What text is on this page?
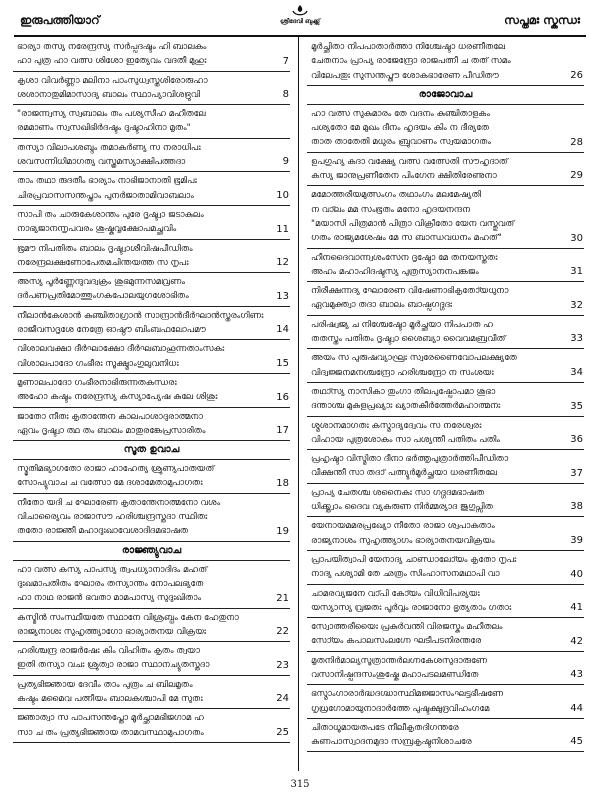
ഇരുപത്തിയാറ്	ശ്രീദേവി ബുക്ക്സ്	സപ്തമഃ സ്കന്ധഃ
ഭാര്യാ തസ്യ നരേന്ദ്രസ്യ സർപ്പദഷ്ടം ഹി ബാലകം
ഹാ പുത്ര ഹാ വത്സ ശിശോ ഇത്യേവം വദതീ മുഹുഃ	7
കൃശാ വിവർണ്ണാ മലിനാ പാംസുധ്വസ്തശിരോരുഹാ
ശശാനാതുമിമാസാദ്യ ബാലം സ്ഥാപ്യാവിശഭ്രുവി	8
"രാജന്ന്വസ്യ സ്വബാലം തം പശ്യസീഹ മഹീതലേ
രമമാണം സ്വസഖിഭിർദഷ്ടം ദുഷ്ടാഹിനാ മൃതം"
തസ്യാ വിലാപശബ്ദം തമാകർണ്യ സ നരാധിപഃ
ശവസന്നിധിമാഗത്യ വസ്ത്രമസ്യാക്ഷിപത്തദാ	9
താം തഥാ രുദതീം ഭാര്യാം നാഭിജാനാതി ഭൂമിപഃ
ചിരപ്രവാസസന്തപ്താം പുനർജാതാമിവാബലാം	10
സാപി തം ചാരുകേശാന്തം പുരേ ദൃഷ്ട്വാ ജടാകുലം
നാഭ്യജാനന്നൃപവരം ശുഷ്കവൃക്ഷോപമച്ഛവിം	11
ഭൂമൗ നിപതിതം ബാലം ദൃഷ്ട്വാശീവിഷപീഡിതം
നരേന്ദ്രലക്ഷണോപേതമചിന്തയത്ത സ നൃപഃ	12
അസ്യ പൂർണ്ണേന്ദുവദ്വക്രം ശുഭമുന്നസമവ്രണം
ദർപണപ്രതിമോത്തുംഗകപോലയുഗശോഭിതം	13
നീലാൻകേശാൻ കുഞ്ചിതാഗ്രാൻ സാന്ദ്രാൻദീർഘാൻസ്തരംഗിണഃ
രാജീവസദൃശേ നേത്രേ ഓഷ്ഠൗ ബിംബഫലോപമൗ	14
വിശാലവക്ഷാ ദീർഘാക്ഷോ ദീർഘബാഹൂന്നതാംസകഃ
വിശാലപാദോ ഗംഭീരഃ സൂക്ഷ്മാംഗുലുവനിധഃ	15
മൃണാലപാദോ ഗംഭീരനാഭിരുന്നതകന്ധരഃ
അഹോ കഷ്ടം നരേന്ദ്രസ്യ കസ്യാപ്യേഷ കുലേ ശിശുഃ	16
ജാതോ നീതഃ കൃതാന്തേന കാലപാശാദുരാത്മനാ
ഏവം ദൃഷ്ട്വാ ത്ഥ തം ബാലം മാതുരങ്കേപ്രസാരിതം	17
സൂത ഉവാച
സ്മൃതിമഭ്യാഗതോ രാജാ ഹാഹേത്യ ശ്രുണ്യപാതയത്
സോപ്യുവാച ച വത്സോ മേ ദശാമേതാമുപാഗതഃ	18
നീതോ യദി ച ഘോരേണ കൃതാന്തേനാത്മനോ വശം
വിചാര്യൈവം രാജാസൗ ഹരിശ്ചന്ദ്രസ്തദാ സ്ഥിതഃ
തതോ രാജ്ഞീ മഹാദുഃഖാവേശാദിദമഭാഷത	19
രാജ്ഞ്യുവാച
ഹാ വത്സ കസ്യ പാപസ്യ ത്വപധ്യാനാദിദം മഹത്
ദുഃഖമാപതിതം ഘോരം തസ്യാന്തം നോപലഭ്യതേ
ഹാ നാഥ രാജൻ ഭവതാ മാമപാസ്യ സുദുഃഖിതാം	21
കസ്മിൻ സംസ്ഥീയതേ സ്ഥാനേ വിശ്രബ്ധം കേന ഹേതുനാ
രാജ്യനാശഃ സുഹൃത്ത്യാഗോ ഭാര്യാതനയ വിക്രയഃ	22
ഹരിശ്ചന്ദ്ര രാജർഷേഃ കിം വിഹിതം കൃതം ത്വയാ
ഇതി തസ്യാ വചഃ ശ്രുത്വാ രാജാ സ്ഥാനച്യുതസ്തദാ	23
പ്രത്യഭിജ്ഞായ ദേവീം താം പുത്രം ച ബിലമൃതം
കഷ്ടം മമൈവ പത്നീയം ബാലകശ്ചാപി മേ സുതഃ	24
ജ്ഞാത്വാ സ പാപസന്തപ്തോ മൂർച്ഛാമഭിജഗാമ ഹ
സാ ച തം പ്രത്യഭിജ്ഞായ താമവസ്ഥാമുപാഗതം	25
മൂർച്ഛിതാ നിപപാതാർത്താ നിശ്ചേഷ്ടാ ധരണീതലേ
ചേതനാം പ്രാപ്യ രാജേന്ദ്രോ രാജപത്നീ ച തത് സമം
വിലേപതുഃ സുസന്തപ്തൗ ശോകഭാരേണ പീഡിതൗ	26
രാജോവാച
ഹാ വത്സ സുകുമാരം തേ വദനം കുഞ്ചിതാളകം
പശ്യതോ മേ മുഖം ദീനം ഹൃദയം കിം ന ദീര്യതേ
താത താതേതി മധുരം ബ്രുവാണം സ്വയമാഗതം	28
ഉപഗുഹ്യ കദാ വക്ഷ്യേ വത്സ വത്സേതി സൗഹൃദാത്
കസ്യ ജാനുപ്രണീതേന പിംഗേന ക്ഷിതിരേണുനാ	29
മമോത്തരീയമുത്സംഗം തഥാംഗം മലമേഷ്യതി
ന വാ്ലം മമ സംഭൂതം മനോ ഹൃദയനന്ദന
"മയാസി പിത്രമാൻ പിത്രാ വിക്രീതോ യേന വസ്തുവത്
ഗതം രാജ്യമശേഷം മേ സ ബാന്ധവധനം മഹത്"	30
ഹീനദൈവാന്ന്വശംസേന ദൃഷ്ടോ മേ തനയസ്തതഃ
അഹം മഹാഹിദഷ്ടസ്യ പുത്രസ്യാനനപങ്കജം	31
നിരീക്ഷന്നദ്യ ഘോരേണ വിഷേണാഭികൃതോ്യധുനാ
ഏവമുക്ത്വാ തദാ ബാലം ബാഷ്പഗദ്ഗദഃ	32
പരിഷ്വജ്യ ച നിശ്ചേഷ്ടോ മൂർച്ഛയാ നിപപാത ഹ
തതസ്തം പതിതം ദൃഷ്ട്വാ ശൈബ്യാ വൈവമബ്രവീത്	33
അയം സ പുരുഷവ്യാഘ്രഃ സ്വരേണൈവോപലക്ഷ്യതേ
വിദ്വജ്ജനമനശ്ചന്ദ്രോ ഹരിശ്ചന്ദ്രോ ന സംശയഃ	34
തഥാ്സ്യ നാസികാ തുംഗാ തിലപുഷ്പോപമാ ശുഭാ
ദന്താശ്ച മുകുളപ്രഖ്യാഃ ഖ്യാതകീർത്തേർമഹാത്മനഃ	35
ശ്മശാനമാഗതഃ കസ്മാദ്യദ്വേവം സ നരേശ്വരഃ
വിഹായ പുത്രശോകം സാ പശ്യന്തീ പതിതം പതിം	36
പ്രഹൃഷ്ടാ വിസ്മിതാ ദീനാ ഭർത്തൃപുത്രാർത്തിപീഡിതാ
വീക്ഷന്തീ സാ തദാ് പത്ന്യുർമൂർച്ഛയാ ധരണീതലേ	37
പ്രാപ്യ ചേതശ്ച ശനൈകഃ സാ ഗദ്ഗദമഭാഷത
ധിക്ക്ത്വാം ദൈവ വ്യകരുണ നിർമ്മര്യാദ ജുഗുപ്സിത	38
യേനായമമരപ്രഖ്യോ നീതോ രാജാ ശ്വപാകതാം
രാജ്യനാശം സുഹൃത്ത്യാഗം ഭാര്യാതനയവിക്രയം	39
പ്രാപയിത്വാപി യേനാദ്യ ചാണ്ഡാലോ്യം കൃതോ നൃപഃ
നാദ്യ പശ്യാമി തേ ഛത്രം സിംഹാസനമഥാപി വാ	40
ചാമരവ്യജനേ വാ്പി കോ്യം വിധിവിപര്യയഃ
യസ്യാസ്യ വ്രജതഃ പൂർവ്വം രാജാനോ ഭൃത്യതാം ഗതാഃ	41
സ്വോത്തരീയൈഃ പ്രകുർവന്തി വിരജസ്കം മഹീതലം
സോ്യം കപാലസംലഗ്നേ ഘടീപടനിരന്തരേ	42
മൃതനിർമാല്യസൂത്രാന്തർലഗ്നകേശസുദാരുണേ
വസാനിഷ്പന്ദസംശുഷ്കേ മഹാപടലമണ്ഡിതേ	43
ഭസ്മാംഗാരാർദ്ധദഗ്ദ്ധാസ്ഥിമജ്ജാസംഘട്ടഭീഷണേ
ഗൃധ്രഗോമായുനാദാർത്തേ പുഷ്ടക്ഷുദ്രവിഹംഗമേ	44
ചിതാധൂമായതപടേ നീലീകൃതദിഗന്തരേ
കുണപാസ്വാദനമുദാ സമ്പ്രകൃഷ്ടനിശാചരേ	45
315
